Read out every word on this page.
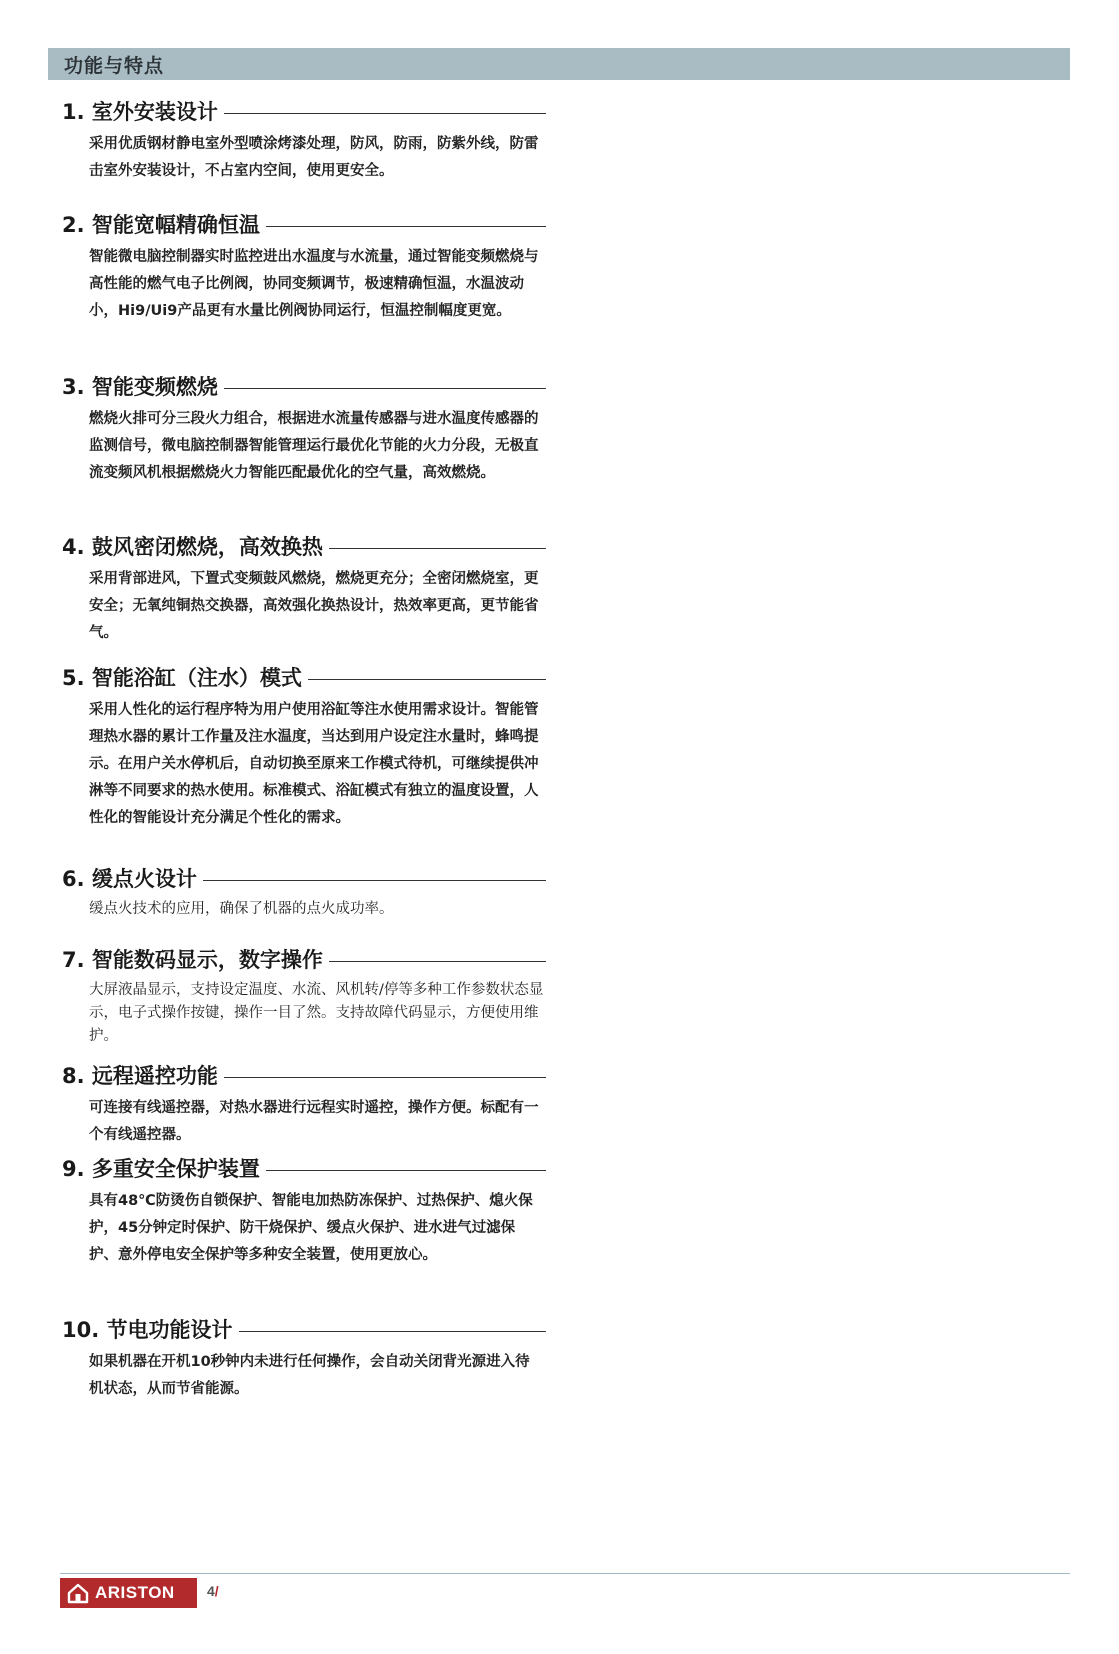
功能与特点
1. 室外安装设计
采用优质钢材静电室外型喷涂烤漆处理，防风，防雨，防紫外线，防雷击室外安装设计，不占室内空间，使用更安全。
2. 智能宽幅精确恒温
智能微电脑控制器实时监控进出水温度与水流量，通过智能变频燃烧与高性能的燃气电子比例阀，协同变频调节，极速精确恒温，水温波动小，Hi9/Ui9产品更有水量比例阀协同运行，恒温控制幅度更宽。
3. 智能变频燃烧
燃烧火排可分三段火力组合，根据进水流量传感器与进水温度传感器的监测信号，微电脑控制器智能管理运行最优化节能的火力分段，无极直流变频风机根据燃烧火力智能匹配最优化的空气量，高效燃烧。
4. 鼓风密闭燃烧，高效换热
采用背部进风，下置式变频鼓风燃烧，燃烧更充分；全密闭燃烧室，更安全；无氧纯铜热交换器，高效强化换热设计，热效率更高，更节能省气。
5. 智能浴缸（注水）模式
采用人性化的运行程序特为用户使用浴缸等注水使用需求设计。智能管理热水器的累计工作量及注水温度，当达到用户设定注水量时，蜂鸣提示。在用户关水停机后，自动切换至原来工作模式待机，可继续提供冲淋等不同要求的热水使用。标准模式、浴缸模式有独立的温度设置，人性化的智能设计充分满足个性化的需求。
6. 缓点火设计
缓点火技术的应用，确保了机器的点火成功率。
7. 智能数码显示，数字操作
大屏液晶显示，支持设定温度、水流、风机转/停等多种工作参数状态显示，电子式操作按键，操作一目了然。支持故障代码显示，方便使用维护。
8. 远程遥控功能
可连接有线遥控器，对热水器进行远程实时遥控，操作方便。标配有一个有线遥控器。
9. 多重安全保护装置
具有48℃防烫伤自锁保护、智能电加热防冻保护、过热保护、熄火保护，45分钟定时保护、防干烧保护、缓点火保护、进水进气过滤保护、意外停电安全保护等多种安全装置，使用更放心。
10. 节电功能设计
如果机器在开机10秒钟内未进行任何操作，会自动关闭背光源进入待机状态，从而节省能源。
ARISTON 4/
